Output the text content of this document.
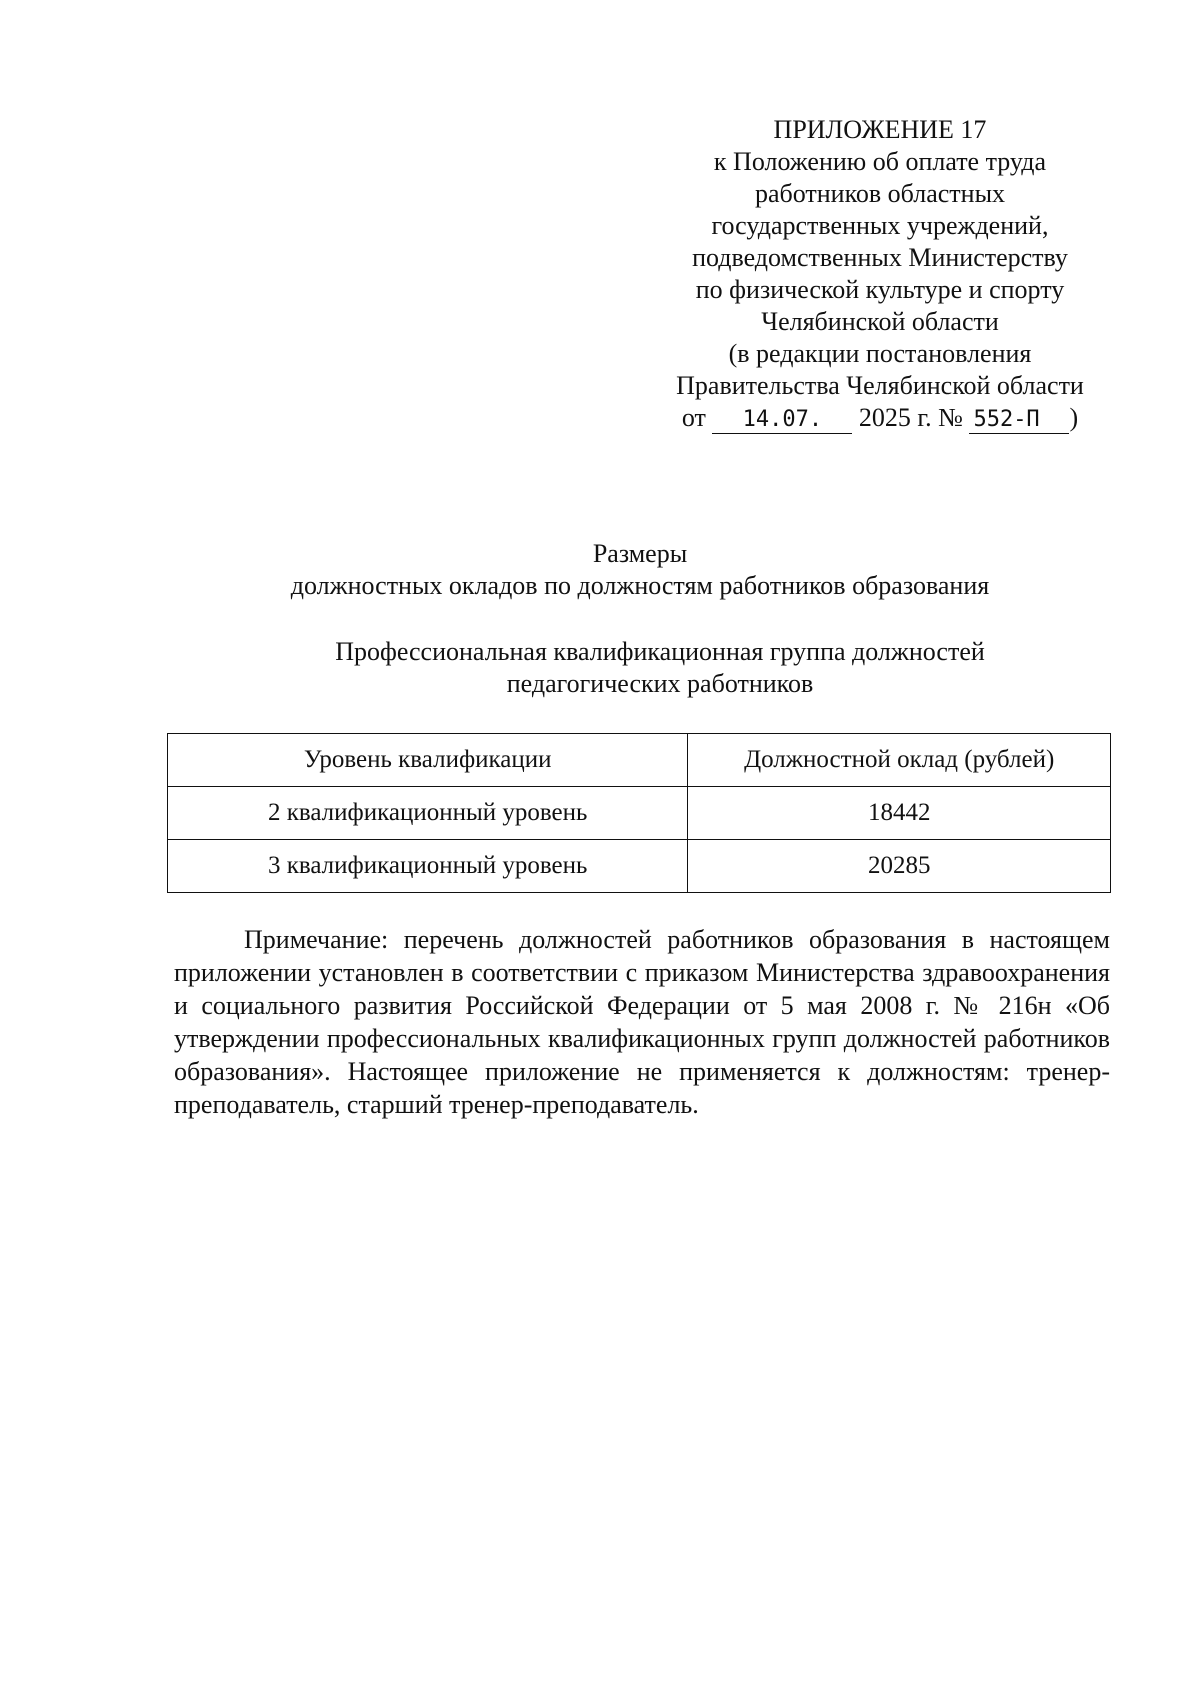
ПРИЛОЖЕНИЕ 17
к Положению об оплате труда
работников областных
государственных учреждений,
подведомственных Министерству
по физической культуре и спорту
Челябинской области
(в редакции постановления
Правительства Челябинской области
от 14.07. 2025 г. № 552-П )
Размеры
должностных окладов по должностям работников образования
Профессиональная квалификационная группа должностей
педагогических работников
Уровень квалификации	Должностной оклад (рублей)
2 квалификационный уровень	18442
3 квалификационный уровень	20285
Примечание: перечень должностей работников образования в настоящем приложении установлен в соответствии с приказом Министерства здравоохранения и социального развития Российской Федерации от 5 мая 2008 г. № 216н «Об утверждении профессиональных квалификационных групп должностей работников образования». Настоящее приложение не применяется к должностям: тренер-преподаватель, старший тренер-преподаватель.
